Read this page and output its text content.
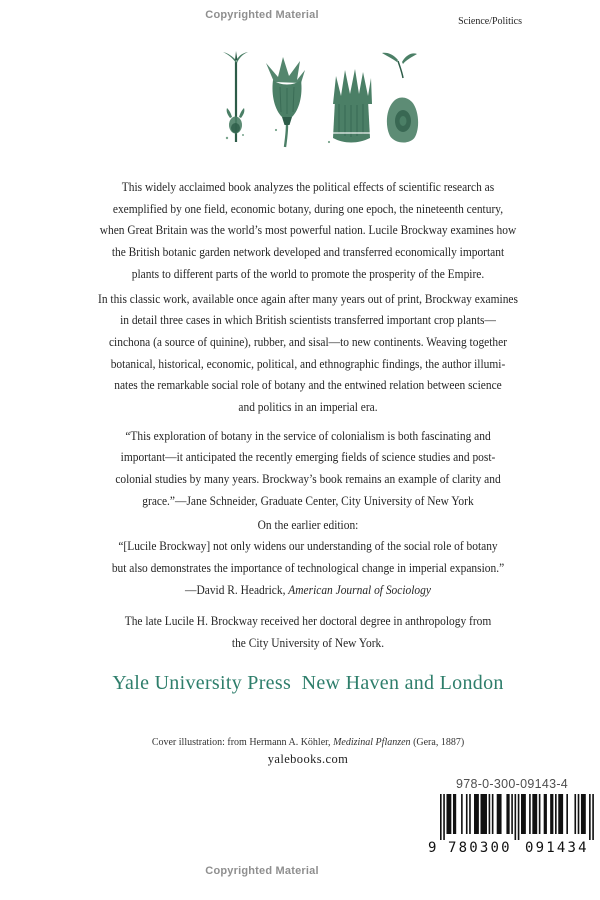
Copyrighted Material
Science/Politics
This widely acclaimed book analyzes the political effects of scientific research as
exemplified by one field, economic botany, during one epoch, the nineteenth century,
when Great Britain was the world’s most powerful nation. Lucile Brockway examines how
the British botanic garden network developed and transferred economically important
plants to different parts of the world to promote the prosperity of the Empire.
In this classic work, available once again after many years out of print, Brockway examines
in detail three cases in which British scientists transferred important crop plants—
cinchona (a source of quinine), rubber, and sisal—to new continents. Weaving together
botanical, historical, economic, political, and ethnographic findings, the author illumi-
nates the remarkable social role of botany and the entwined relation between science
and politics in an imperial era.
“This exploration of botany in the service of colonialism is both fascinating and
important—it anticipated the recently emerging fields of science studies and post-
colonial studies by many years. Brockway’s book remains an example of clarity and
grace.”—Jane Schneider, Graduate Center, City University of New York
On the earlier edition:
“[Lucile Brockway] not only widens our understanding of the social role of botany
but also demonstrates the importance of technological change in imperial expansion.”
—David R. Headrick, American Journal of Sociology
The late Lucile H. Brockway received her doctoral degree in anthropology from
the City University of New York.
Yale University Press  New Haven and London
Cover illustration: from Hermann A. Köhler, Medizinal Pflanzen (Gera, 1887)
yalebooks.com
978-0-300-09143-4
9 780300 091434
Copyrighted Material
